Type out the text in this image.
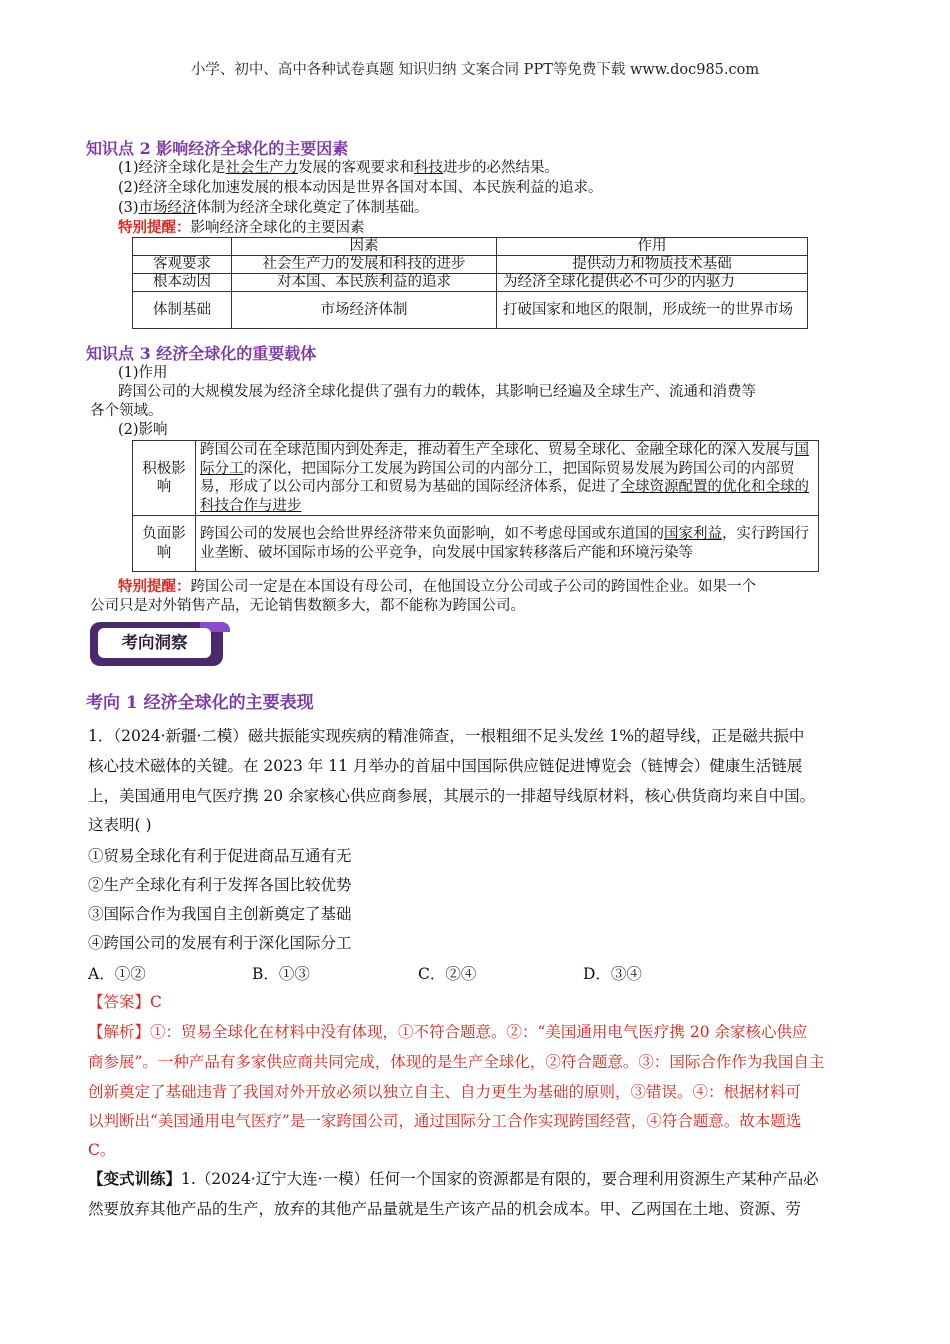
小学、初中、高中各种试卷真题 知识归纳 文案合同 PPT等免费下载 www.doc985.com
知识点 2 影响经济全球化的主要因素
(1)经济全球化是社会生产力发展的客观要求和科技进步的必然结果。
(2)经济全球化加速发展的根本动因是世界各国对本国、本民族利益的追求。
(3)市场经济体制为经济全球化奠定了体制基础。
特别提醒：影响经济全球化的主要因素
	因素	作用
客观要求	社会生产力的发展和科技的进步	提供动力和物质技术基础
根本动因	对本国、本民族利益的追求	为经济全球化提供必不可少的内驱力
体制基础	市场经济体制	打破国家和地区的限制，形成统一的世界市场
知识点 3 经济全球化的重要载体
(1)作用
跨国公司的大规模发展为经济全球化提供了强有力的载体，其影响已经遍及全球生产、流通和消费等
各个领域。
(2)影响
积极影响	跨国公司在全球范围内到处奔走，推动着生产全球化、贸易全球化、金融全球化的深入发展与国际分工的深化，把国际分工发展为跨国公司的内部分工，把国际贸易发展为跨国公司的内部贸易，形成了以公司内部分工和贸易为基础的国际经济体系，促进了全球资源配置的优化和全球的科技合作与进步
负面影响	跨国公司的发展也会给世界经济带来负面影响，如不考虑母国或东道国的国家利益，实行跨国行业垄断、破坏国际市场的公平竞争，向发展中国家转移落后产能和环境污染等
特别提醒：跨国公司一定是在本国设有母公司，在他国设立分公司或子公司的跨国性企业。如果一个
公司只是对外销售产品，无论销售数额多大，都不能称为跨国公司。
考向洞察
考向 1 经济全球化的主要表现
1．（2024·新疆·二模）磁共振能实现疾病的精准筛查，一根粗细不足头发丝 1%的超导线，正是磁共振中
核心技术磁体的关键。在 2023 年 11 月举办的首届中国国际供应链促进博览会（链博会）健康生活链展
上，美国通用电气医疗携 20 余家核心供应商参展，其展示的一排超导线原材料，核心供货商均来自中国。
这表明( )
①贸易全球化有利于促进商品互通有无
②生产全球化有利于发挥各国比较优势
③国际合作为我国自主创新奠定了基础
④跨国公司的发展有利于深化国际分工
A．①②	B．①③	C．②④	D．③④
【答案】C
【解析】①：贸易全球化在材料中没有体现，①不符合题意。②：“美国通用电气医疗携 20 余家核心供应
商参展”。一种产品有多家供应商共同完成，体现的是生产全球化，②符合题意。③：国际合作作为我国自主
创新奠定了基础违背了我国对外开放必须以独立自主、自力更生为基础的原则，③错误。④：根据材料可
以判断出“美国通用电气医疗”是一家跨国公司，通过国际分工合作实现跨国经营，④符合题意。故本题选
C。
【变式训练】1.（2024·辽宁大连·一模）任何一个国家的资源都是有限的，要合理利用资源生产某种产品必
然要放弃其他产品的生产，放弃的其他产品量就是生产该产品的机会成本。甲、乙两国在土地、资源、劳
